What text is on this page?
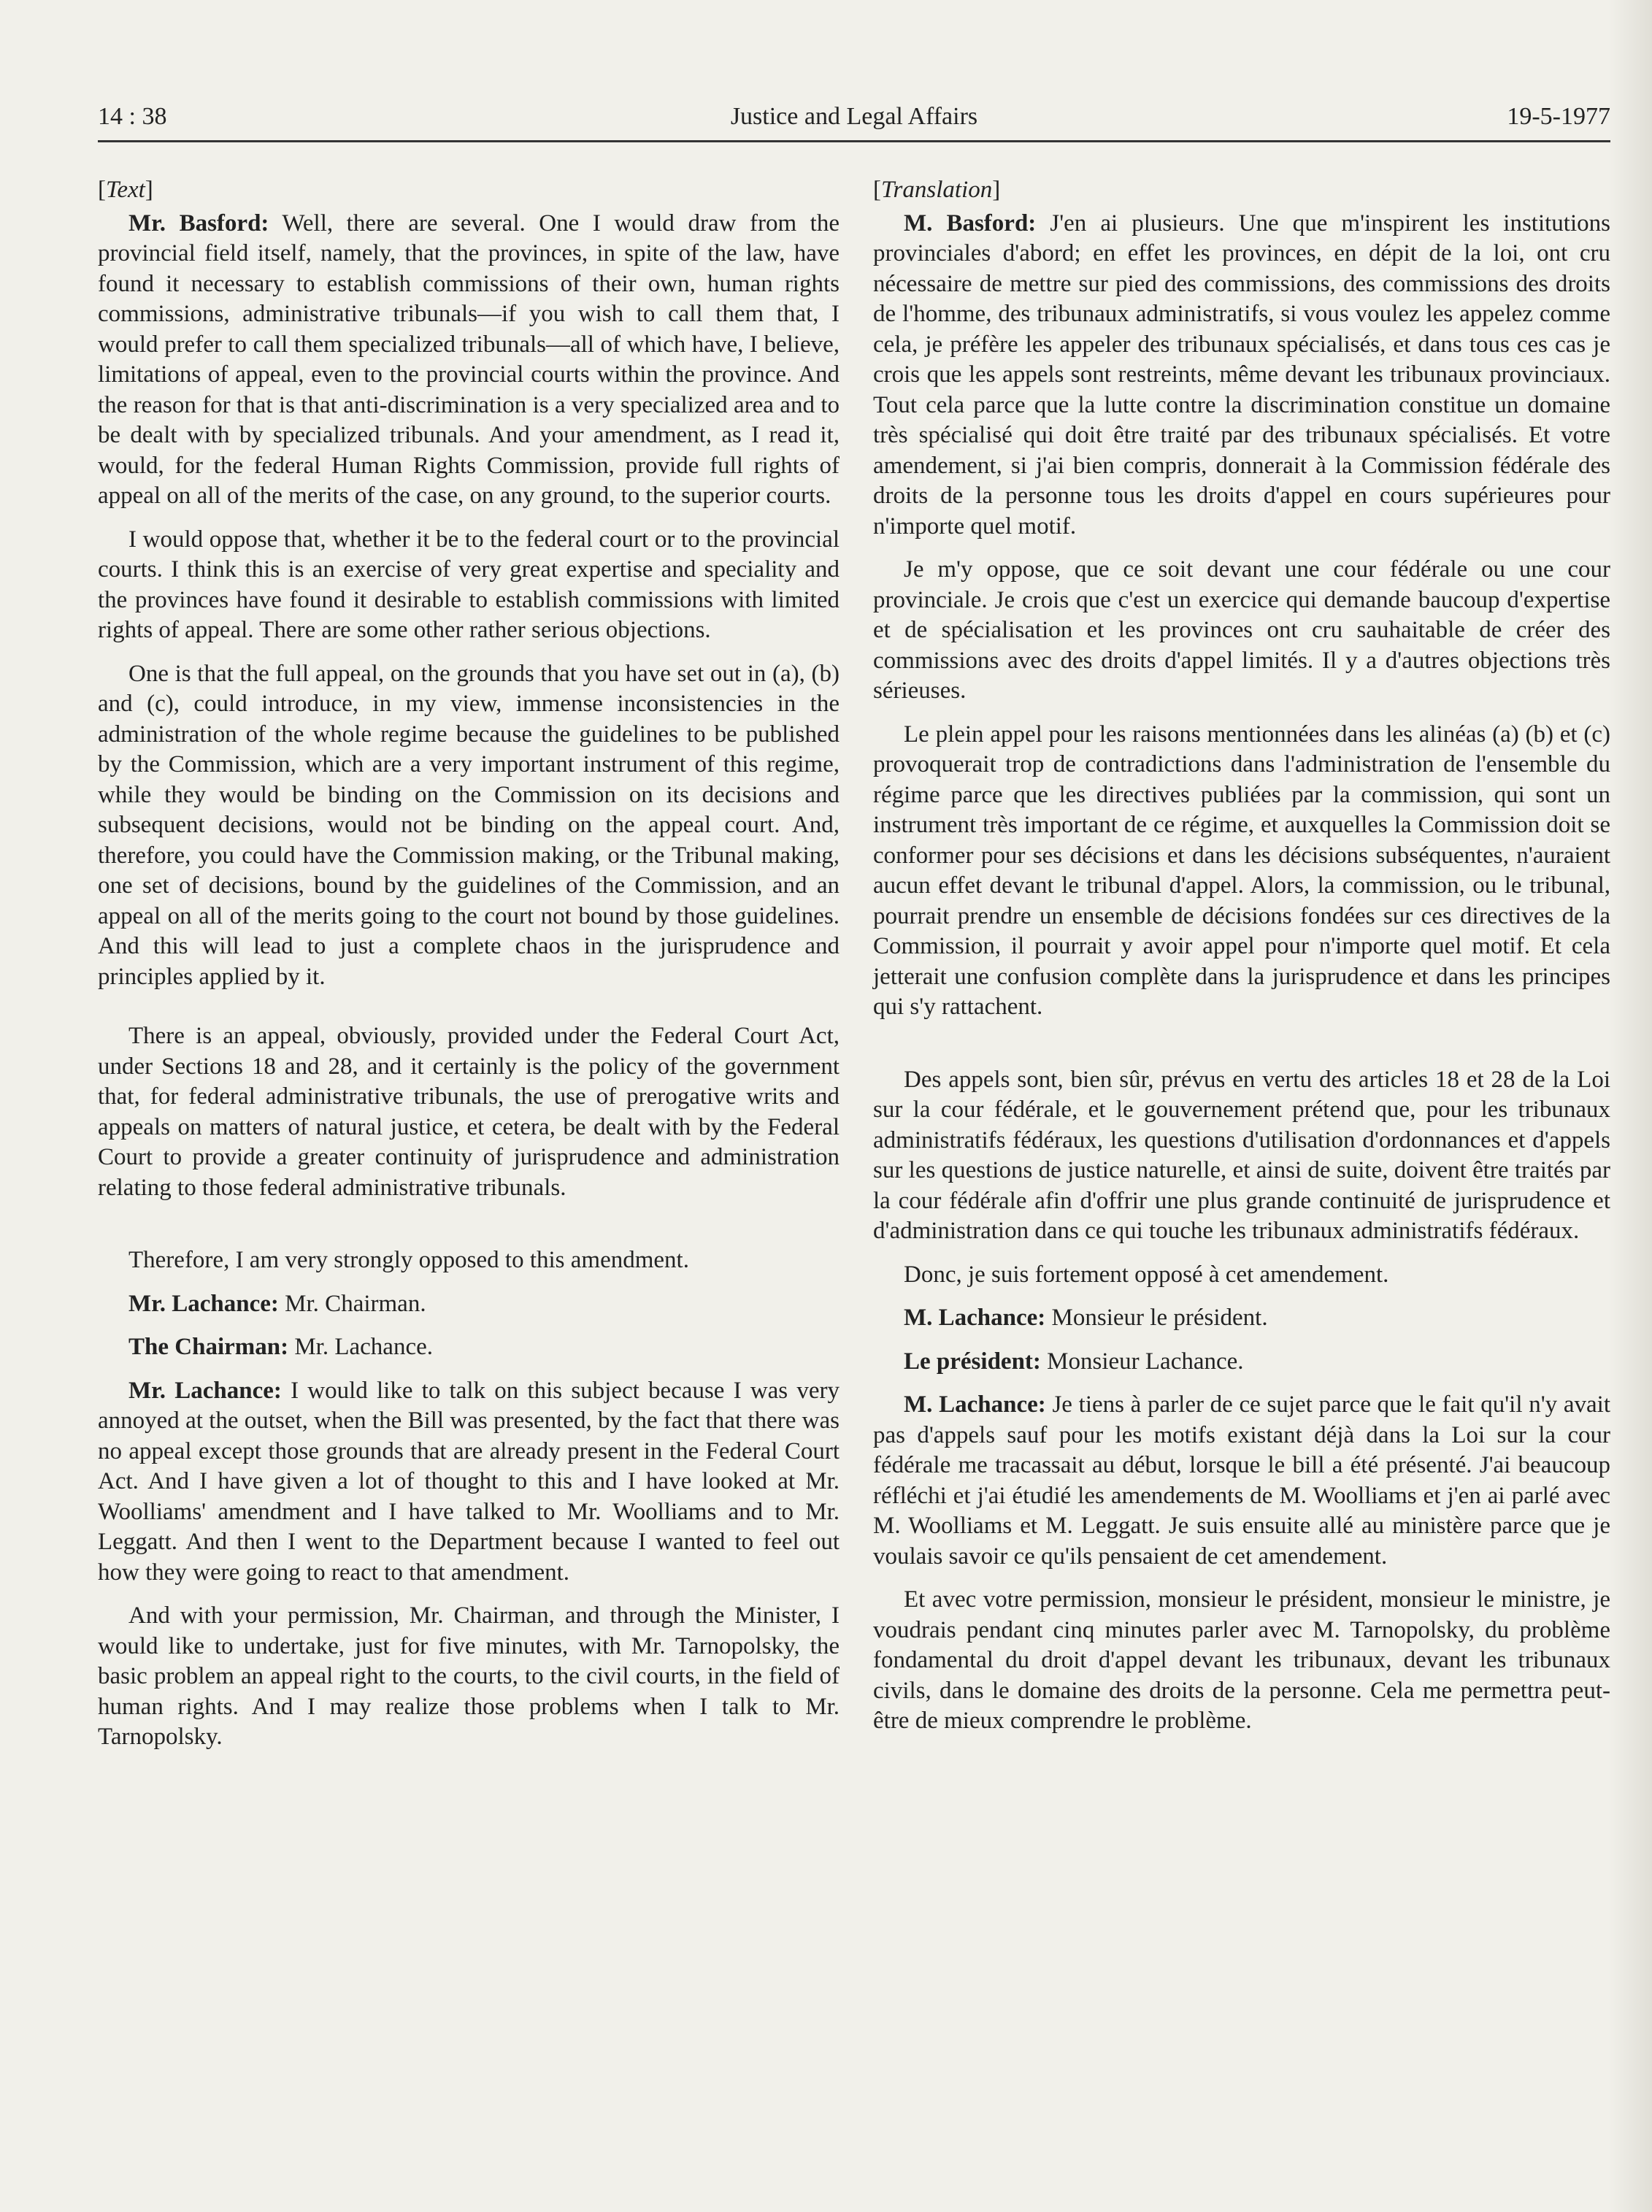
14 : 38	Justice and Legal Affairs	19-5-1977

[Text]

Mr. Basford: Well, there are several. One I would draw from the provincial field itself, namely, that the provinces, in spite of the law, have found it necessary to establish commissions of their own, human rights commissions, administrative tribunals—if you wish to call them that, I would prefer to call them specialized tribunals—all of which have, I believe, limitations of appeal, even to the provincial courts within the province. And the reason for that is that anti-discrimination is a very specialized area and to be dealt with by specialized tribunals. And your amendment, as I read it, would, for the federal Human Rights Commission, provide full rights of appeal on all of the merits of the case, on any ground, to the superior courts.

I would oppose that, whether it be to the federal court or to the provincial courts. I think this is an exercise of very great expertise and speciality and the provinces have found it desirable to establish commissions with limited rights of appeal. There are some other rather serious objections.

One is that the full appeal, on the grounds that you have set out in (a), (b) and (c), could introduce, in my view, immense inconsistencies in the administration of the whole regime because the guidelines to be published by the Commission, which are a very important instrument of this regime, while they would be binding on the Commission on its decisions and subsequent decisions, would not be binding on the appeal court. And, therefore, you could have the Commission making, or the Tribunal making, one set of decisions, bound by the guidelines of the Commission, and an appeal on all of the merits going to the court not bound by those guidelines. And this will lead to just a complete chaos in the jurisprudence and principles applied by it.

There is an appeal, obviously, provided under the Federal Court Act, under Sections 18 and 28, and it certainly is the policy of the government that, for federal administrative tribunals, the use of prerogative writs and appeals on matters of natural justice, et cetera, be dealt with by the Federal Court to provide a greater continuity of jurisprudence and administration relating to those federal administrative tribunals.

Therefore, I am very strongly opposed to this amendment.

Mr. Lachance: Mr. Chairman.

The Chairman: Mr. Lachance.

Mr. Lachance: I would like to talk on this subject because I was very annoyed at the outset, when the Bill was presented, by the fact that there was no appeal except those grounds that are already present in the Federal Court Act. And I have given a lot of thought to this and I have looked at Mr. Woolliams' amendment and I have talked to Mr. Woolliams and to Mr. Leggatt. And then I went to the Department because I wanted to feel out how they were going to react to that amendment.

And with your permission, Mr. Chairman, and through the Minister, I would like to undertake, just for five minutes, with Mr. Tarnopolsky, the basic problem an appeal right to the courts, to the civil courts, in the field of human rights. And I may realize those problems when I talk to Mr. Tarnopolsky.

[Translation]

M. Basford: J'en ai plusieurs. Une que m'inspirent les institutions provinciales d'abord; en effet les provinces, en dépit de la loi, ont cru nécessaire de mettre sur pied des commissions, des commissions des droits de l'homme, des tribunaux administratifs, si vous voulez les appelez comme cela, je préfère les appeler des tribunaux spécialisés, et dans tous ces cas je crois que les appels sont restreints, même devant les tribunaux provinciaux. Tout cela parce que la lutte contre la discrimination constitue un domaine très spécialisé qui doit être traité par des tribunaux spécialisés. Et votre amendement, si j'ai bien compris, donnerait à la Commission fédérale des droits de la personne tous les droits d'appel en cours supérieures pour n'importe quel motif.

Je m'y oppose, que ce soit devant une cour fédérale ou une cour provinciale. Je crois que c'est un exercice qui demande baucoup d'expertise et de spécialisation et les provinces ont cru sauhaitable de créer des commissions avec des droits d'appel limités. Il y a d'autres objections très sérieuses.

Le plein appel pour les raisons mentionnées dans les alinéas (a) (b) et (c) provoquerait trop de contradictions dans l'administration de l'ensemble du régime parce que les directives publiées par la commission, qui sont un instrument très important de ce régime, et auxquelles la Commission doit se conformer pour ses décisions et dans les décisions subséquentes, n'auraient aucun effet devant le tribunal d'appel. Alors, la commission, ou le tribunal, pourrait prendre un ensemble de décisions fondées sur ces directives de la Commission, il pourrait y avoir appel pour n'importe quel motif. Et cela jetterait une confusion complète dans la jurisprudence et dans les principes qui s'y rattachent.

Des appels sont, bien sûr, prévus en vertu des articles 18 et 28 de la Loi sur la cour fédérale, et le gouvernement prétend que, pour les tribunaux administratifs fédéraux, les questions d'utilisation d'ordonnances et d'appels sur les questions de justice naturelle, et ainsi de suite, doivent être traités par la cour fédérale afin d'offrir une plus grande continuité de jurisprudence et d'administration dans ce qui touche les tribunaux administratifs fédéraux.

Donc, je suis fortement opposé à cet amendement.

M. Lachance: Monsieur le président.

Le président: Monsieur Lachance.

M. Lachance: Je tiens à parler de ce sujet parce que le fait qu'il n'y avait pas d'appels sauf pour les motifs existant déjà dans la Loi sur la cour fédérale me tracassait au début, lorsque le bill a été présenté. J'ai beaucoup réfléchi et j'ai étudié les amendements de M. Woolliams et j'en ai parlé avec M. Woolliams et M. Leggatt. Je suis ensuite allé au ministère parce que je voulais savoir ce qu'ils pensaient de cet amendement.

Et avec votre permission, monsieur le président, monsieur le ministre, je voudrais pendant cinq minutes parler avec M. Tarnopolsky, du problème fondamental du droit d'appel devant les tribunaux, devant les tribunaux civils, dans le domaine des droits de la personne. Cela me permettra peut-être de mieux comprendre le problème.
